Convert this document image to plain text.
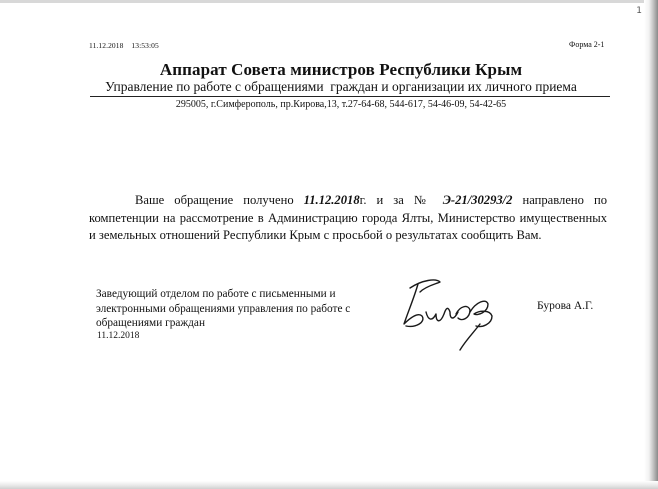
1
11.12.2018    13:53:05	Форма 2-1
Аппарат Совета министров Республики Крым
Управление по работе с обращениями  граждан и организации их личного приема
295005, г.Симферополь, пр.Кирова,13, т.27-64-68, 544-617, 54-46-09, 54-42-65
Ваше обращение получено 11.12.2018г. и за № Э-21/30293/2 направлено по компетенции на рассмотрение в Администрацию города Ялты, Министерство имущественных и земельных отношений Республики Крым с просьбой о результатах сообщить Вам.
Заведующий отделом по работе с письменными и электронными обращениями управления по работе с обращениями граждан
11.12.2018
Бурова А.Г.
